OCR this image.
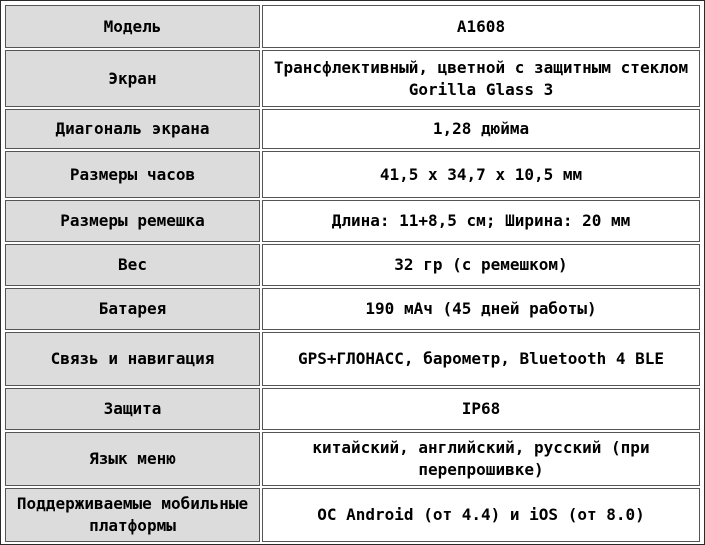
Модель	A1608
Экран	Трансфлективный, цветной с защитным стеклом Gorilla Glass 3
Диагональ экрана	1,28 дюйма
Размеры часов	41,5 x 34,7 x 10,5 мм
Размеры ремешка	Длина: 11+8,5 см; Ширина: 20 мм
Вес	32 гр (с ремешком)
Батарея	190 мАч (45 дней работы)
Связь и навигация	GPS+ГЛОНАСС, барометр, Bluetooth 4 BLE
Защита	IP68
Язык меню	китайский, английский, русский (при перепрошивке)
Поддерживаемые мобильные платформы	ОС Android (от 4.4) и iOS (от 8.0)
